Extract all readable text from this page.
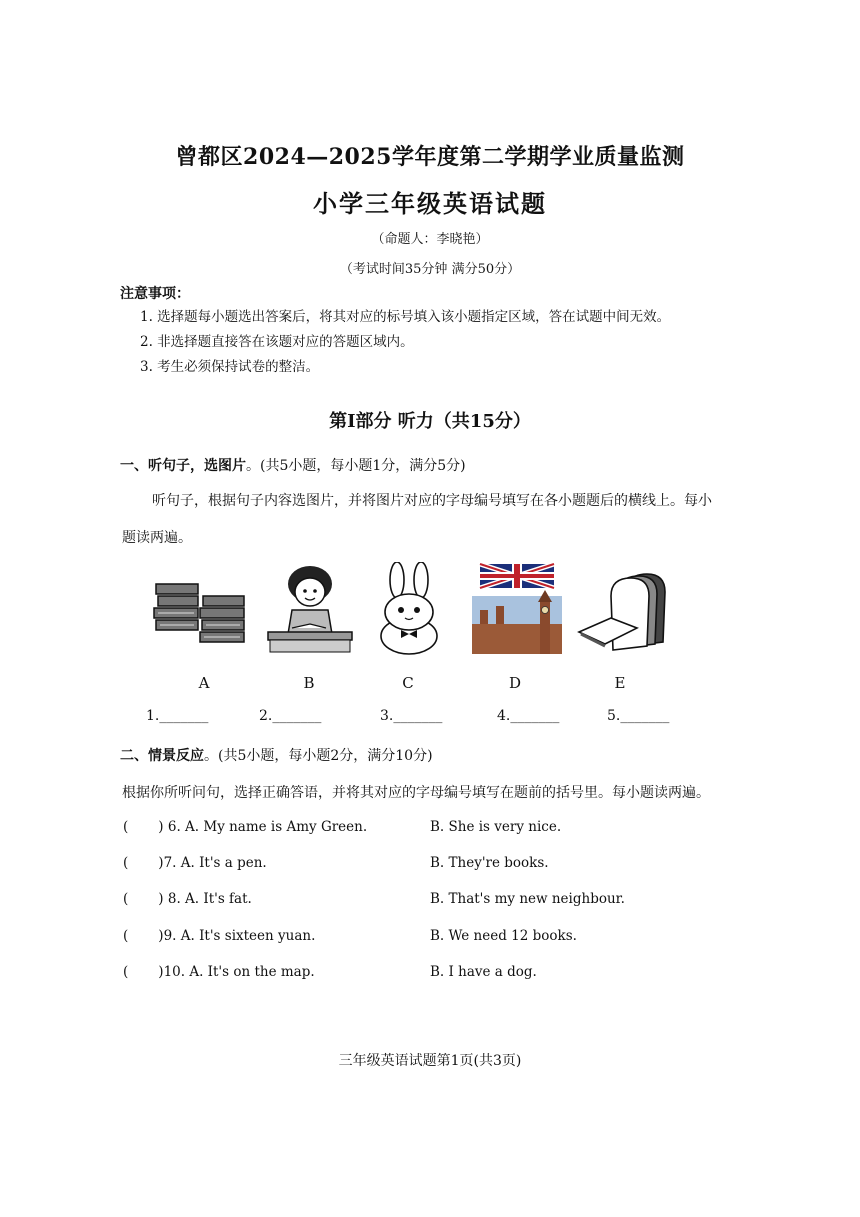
曾都区2024—2025学年度第二学期学业质量监测
小学三年级英语试题
（命题人：李晓艳）
（考试时间35分钟 满分50分）
注意事项：
1. 选择题每小题选出答案后，将其对应的标号填入该小题指定区域，答在试题中间无效。
2. 非选择题直接答在该题对应的答题区域内。
3. 考生必须保持试卷的整洁。
第Ⅰ部分 听力（共15分）
一、听句子，选图片。(共5小题，每小题1分，满分5分)
听句子，根据句子内容选图片，并将图片对应的字母编号填写在各小题题后的横线上。每小
题读两遍。
A	B	C	D	E
1._______	2._______	3._______	4._______	5._______
二、情景反应。(共5小题，每小题2分，满分10分)
根据你所听问句，选择正确答语，并将其对应的字母编号填写在题前的括号里。每小题读两遍。
(       ) 6. A. My name is Amy Green.	B. She is very nice.
(       )7. A. It's a pen.	B. They're books.
(       ) 8. A. It's fat.	B. That's my new neighbour.
(       )9. A. It's sixteen yuan.	B. We need 12 books.
(       )10. A. It's on the map.	B. I have a dog.
三年级英语试题第1页(共3页)
